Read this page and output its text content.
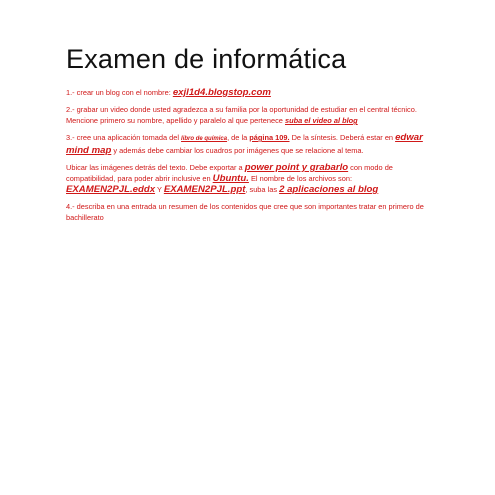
Examen de informática

1.- crear un blog con el nombre: exjl1d4.blogstop.com

2.- grabar un video donde usted agradezca a su familia por la oportunidad de estudiar en el central técnico. Mencione primero su nombre, apellido y paralelo al que pertenece suba el video al blog

3.- cree una aplicación tomada del libro de química, de la página 109. De la síntesis. Deberá estar en edwar mind map y además debe cambiar los cuadros por imágenes que se relacione al tema.

Ubicar las imágenes detrás del texto. Debe exportar a power point y grabarlo con modo de compatibilidad, para poder abrir inclusive en Ubuntu. El nombre de los archivos son: EXAMEN2PJL.eddx Y EXAMEN2PJL.ppt, suba las 2 aplicaciones al blog

4.- describa en una entrada un resumen de los contenidos que cree que son importantes tratar en primero de bachillerato
